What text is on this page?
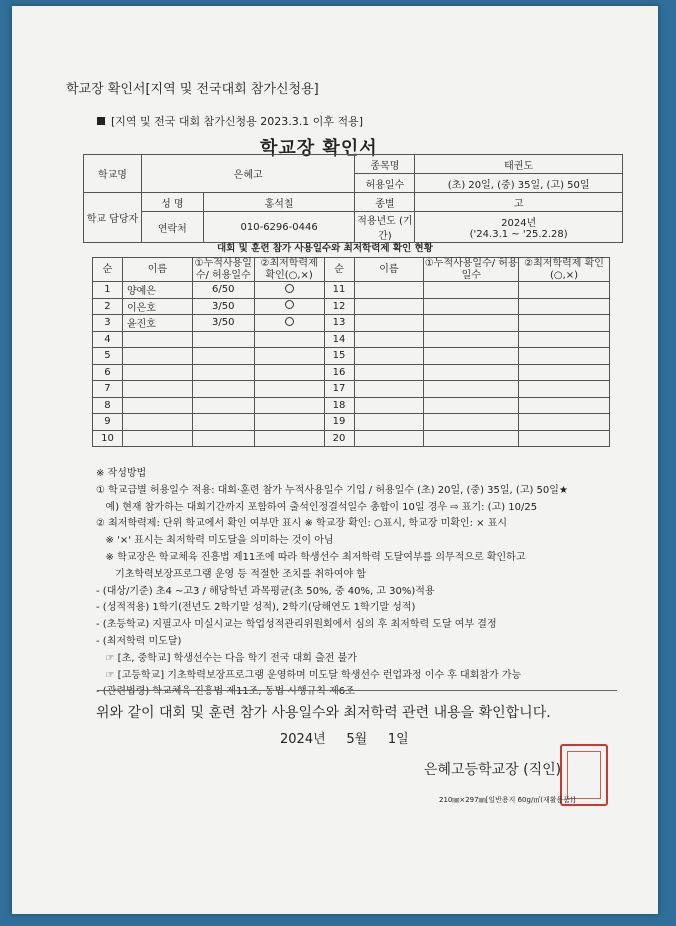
학교장 확인서[지역 및 전국대회 참가신청용]
[지역 및 전국 대회 참가신청용 2023.3.1 이후 적용]
학교장 확인서
학교명	은혜고		종목명	태권도
			허용일수	(초) 20일, (중) 35일, (고) 50일
학교 담당자	성 명	홍석칠	종별	고
	연락처	010-6296-0446	적용년도 (기간)	2024년
('24.3.1 ~ '25.2.28)
대회 및 훈련 참가 사용일수와 최저학력제 확인 현황
순	이름	①누적사용일수/ 허용일수	②최저학력제 확인(○,×)	순	이름	①누적사용일수/ 허용일수	②최저학력제 확인(○,×)
1	양예은	6/50		11			
2	이은호	3/50		12			
3	윤진호	3/50		13			
4				14			
5				15			
6				16			
7				17			
8				18			
9				19			
10				20			
※ 작성방법
① 학교급별 허용일수 적용: 대회·훈련 참가 누적사용일수 기입 / 허용일수 (초) 20일, (중) 35일, (고) 50일★
예) 현재 참가하는 대회기간까지 포함하여 출석인정결석일수 총합이 10일 경우 ⇨ 표기: (고) 10/25
② 최저학력제: 단위 학교에서 확인 여부만 표시 ※ 학교장 확인: ○표시, 학교장 미확인: × 표시
※ '×' 표시는 최저학력 미도달을 의미하는 것이 아님
※ 학교장은 학교체육 진흥법 제11조에 따라 학생선수 최저학력 도달여부를 의무적으로 확인하고
기초학력보장프로그램 운영 등 적절한 조치를 취하여야 함
- (대상/기준) 초4 ~고3 / 해당학년 과목평균(초 50%, 중 40%, 고 30%)적용
- (성적적용) 1학기(전년도 2학기말 성적), 2학기(당해연도 1학기말 성적)
- (초등학교) 지필고사 미실시교는 학업성적관리위원회에서 심의 후 최저학력 도달 여부 결정
- (최저학력 미도달)
☞ [초, 중학교] 학생선수는 다음 학기 전국 대회 출전 불가
☞ [고등학교] 기초학력보장프로그램 운영하며 미도달 학생선수 런업과정 이수 후 대회참가 가능
- (관련법령) 학교체육 진흥법 제11조, 동법 시행규칙 제6조
위와 같이 대회 및 훈련 참가 사용일수와 최저학력 관련 내용을 확인합니다.
2024년 5월 1일
은혜고등학교장 (직인)
210㎜×297㎜[일반용지 60g/㎡(재활용품)]
